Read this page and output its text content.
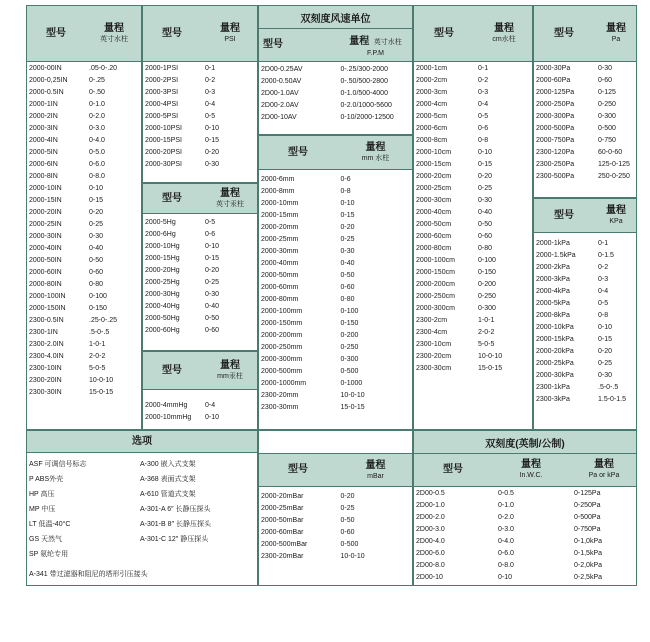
型号	量程
英寸水柱
2000-00IN	.05-0-.20
2000-0,25IN	0-.25
2000-0.5IN	0-.50
2000-1IN	0-1.0
2000-2IN	0-2.0
2000-3IN	0-3.0
2000-4IN	0-4.0
2000-5IN	0-5.0
2000-6IN	0-6.0
2000-8IN	0-8.0
2000-10IN	0-10
2000-15IN	0-15
2000-20IN	0-20
2000-25IN	0-25
2000-30IN	0-30
2000-40IN	0-40
2000-50IN	0-50
2000-60IN	0-60
2000-80IN	0-80
2000-100IN	0-100
2000-150IN	0-150
2300-0.5IN	.25-0-.25
2300-1IN	.5-0-.5
2300-2.0IN	1-0-1
2300-4.0IN	2-0-2
2300-10IN	5-0-5
2300-20IN	10-0-10
2300-30IN	15-0-15
型号	量程
PSI
2000-1PSI	0-1
2000-2PSI	0-2
2000-3PSI	0-3
2000-4PSI	0-4
2000-5PSI	0-5
2000-10PSI	0-10
2000-15PSI	0-15
2000-20PSI	0-20
2000-30PSI	0-30
型号	量程
英寸汞柱
2000-5Hg	0-5
2000-6Hg	0-6
2000-10Hg	0-10
2000-15Hg	0-15
2000-20Hg	0-20
2000-25Hg	0-25
2000-30Hg	0-30
2000-40Hg	0-40
2000-50Hg	0-50
2000-60Hg	0-60
型号	量程
mm汞柱
2000-4mmHg	0-4
2000-10mmHg	0-10
双刻度风速单位
型号	量程 英寸水柱
F.P.M
2D00-0.25AV	0-.25/300-2000
2000-0.50AV	0-.50/500-2800
2D00-1.0AV	0-1.0/500-4000
2D00-2.0AV	0-2.0/1000-5600
2D00-10AV	0-10/2000-12500
型号	量程
mm 水柱
2000-6mm	0-6
2000-8mm	0-8
2000-10mm	0-10
2000-15mm	0-15
2000-20mm	0-20
2000-25mm	0-25
2000-30mm	0-30
2000-40mm	0-40
2000-50mm	0-50
2000-60mm	0-60
2000-80mm	0-80
2000-100mm	0-100
2000-150mm	0-150
2000-200mm	0-200
2000-250mm	0-250
2000-300mm	0-300
2000-500mm	0-500
2000-1000mm	0-1000
2300-20mm	10-0-10
2300-30mm	15-0-15
型号	量程
cm水柱
2000-1cm	0-1
2000-2cm	0-2
2000-3cm	0-3
2000-4cm	0-4
2000-5cm	0-5
2000-6cm	0-6
2000-8cm	0-8
2000-10cm	0-10
2000-15cm	0-15
2000-20cm	0-20
2000-25cm	0-25
2000-30cm	0-30
2000-40cm	0-40
2000-50cm	0-50
2000-60cm	0-60
2000-80cm	0-80
2000-100cm	0-100
2000-150cm	0-150
2000-200cm	0-200
2000-250cm	0-250
2000-300cm	0-300
2300-2cm	1-0-1
2300-4cm	2-0-2
2300-10cm	5-0-5
2300-20cm	10-0-10
2300-30cm	15-0-15
型号	量程
Pa
2000-30Pa	0-30
2000-60Pa	0-60
2000-125Pa	0-125
2000-250Pa	0-250
2000-300Pa	0-300
2000-500Pa	0-500
2000-750Pa	0-750
2300-120Pa	60-0-60
2300-250Pa	125-0-125
2300-500Pa	250-0-250
型号	量程
KPa
2000-1kPa	0-1
2000-1.5kPa	0-1.5
2000-2kPa	0-2
2000-3kPa	0-3
2000-4kPa	0-4
2000-5kPa	0-5
2000-8kPa	0-8
2000-10kPa	0-10
2000-15kPa	0-15
2000-20kPa	0-20
2000-25kPa	0-25
2000-30kPa	0-30
2300-1kPa	.5-0-.5
2300-3kPa	1.5-0-1.5
选项
ASF 可调信号标志
P ABS外壳
HP 高压
MP 中压
LT 低温-40°C
GS 天然气
SP 氨纶专用
A-300 嵌入式支架
A-368 表面式支架
A-610 管道式支架
A-301-A 6″ 长静压探头
A-301-B 8″ 长静压探头
A-301-C 12″ 静压探头
A-341 带过滤器和阻尼的塔形引压接头
型号	量程
mBar
2000-20mBar	0-20
2000-25mBar	0-25
2000-50mBar	0-50
2000-60mBar	0-60
2000-500mBar	0-500
2300-20mBar	10-0-10
双刻度(英制/公制)
型号	量程
In.W.C.
量程
Pa or kPa
2D00-0.5	0-0.5	0-125Pa
2D00-1.0	0-1.0	0-250Pa
2D00-2.0	0-2.0	0-500Pa
2D00-3.0	0-3.0	0-750Pa
2D00-4.0	0-4.0	0-1,0kPa
2D00-6.0	0-6.0	0-1,5kPa
2D00-8.0	0-8.0	0-2,0kPa
2D00-10	0-10	0-2,5kPa
